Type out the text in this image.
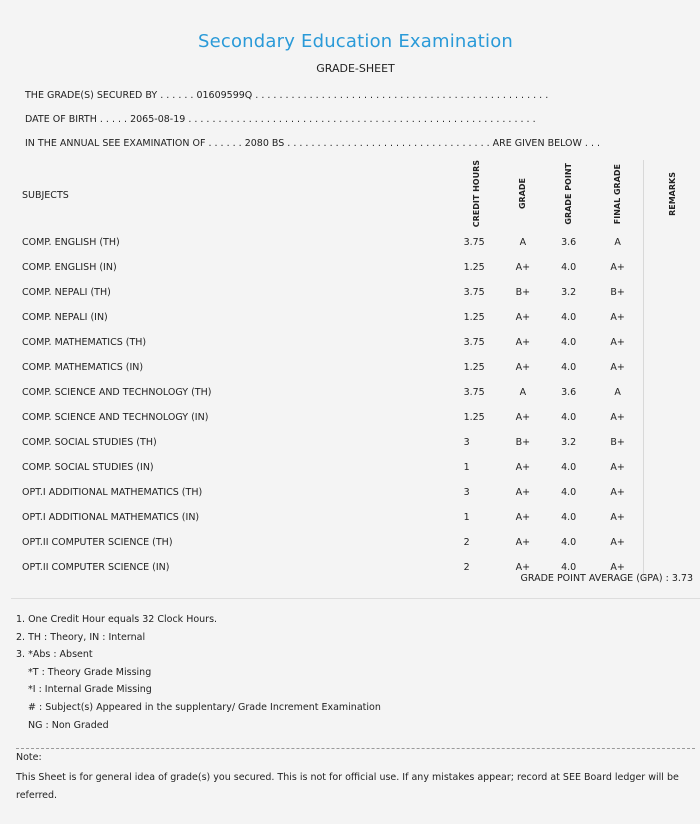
Secondary Education Examination
GRADE-SHEET
THE GRADE(S) SECURED BY . . . . . . 01609599Q . . . . . . . . . . . . . . . . . . . . . . . . . . . . . . . . . . . . . . . . . . . . . . . . .
DATE OF BIRTH . . . . . 2065-08-19 . . . . . . . . . . . . . . . . . . . . . . . . . . . . . . . . . . . . . . . . . . . . . . . . . . . . . . . . . .
IN THE ANNUAL SEE EXAMINATION OF . . . . . . 2080 BS . . . . . . . . . . . . . . . . . . . . . . . . . . . . . . . . . . ARE GIVEN BELOW . . .
SUBJECTS	CREDIT HOURS	GRADE	GRADE POINT	FINAL GRADE	REMARKS
COMP. ENGLISH (TH)	3.75	A	3.6	A	
COMP. ENGLISH (IN)	1.25	A+	4.0	A+	
COMP. NEPALI (TH)	3.75	B+	3.2	B+	
COMP. NEPALI (IN)	1.25	A+	4.0	A+	
COMP. MATHEMATICS (TH)	3.75	A+	4.0	A+	
COMP. MATHEMATICS (IN)	1.25	A+	4.0	A+	
COMP. SCIENCE AND TECHNOLOGY (TH)	3.75	A	3.6	A	
COMP. SCIENCE AND TECHNOLOGY (IN)	1.25	A+	4.0	A+	
COMP. SOCIAL STUDIES (TH)	3	B+	3.2	B+	
COMP. SOCIAL STUDIES (IN)	1	A+	4.0	A+	
OPT.I ADDITIONAL MATHEMATICS (TH)	3	A+	4.0	A+	
OPT.I ADDITIONAL MATHEMATICS (IN)	1	A+	4.0	A+	
OPT.II COMPUTER SCIENCE (TH)	2	A+	4.0	A+	
OPT.II COMPUTER SCIENCE (IN)	2	A+	4.0	A+	
GRADE POINT AVERAGE (GPA) : 3.73
1. One Credit Hour equals 32 Clock Hours.
2. TH : Theory, IN : Internal
3. *Abs : Absent
*T : Theory Grade Missing
*I : Internal Grade Missing
# : Subject(s) Appeared in the supplentary/ Grade Increment Examination
NG : Non Graded
Note:
This Sheet is for general idea of grade(s) you secured. This is not for official use. If any mistakes appear; record at SEE Board ledger will be referred.
